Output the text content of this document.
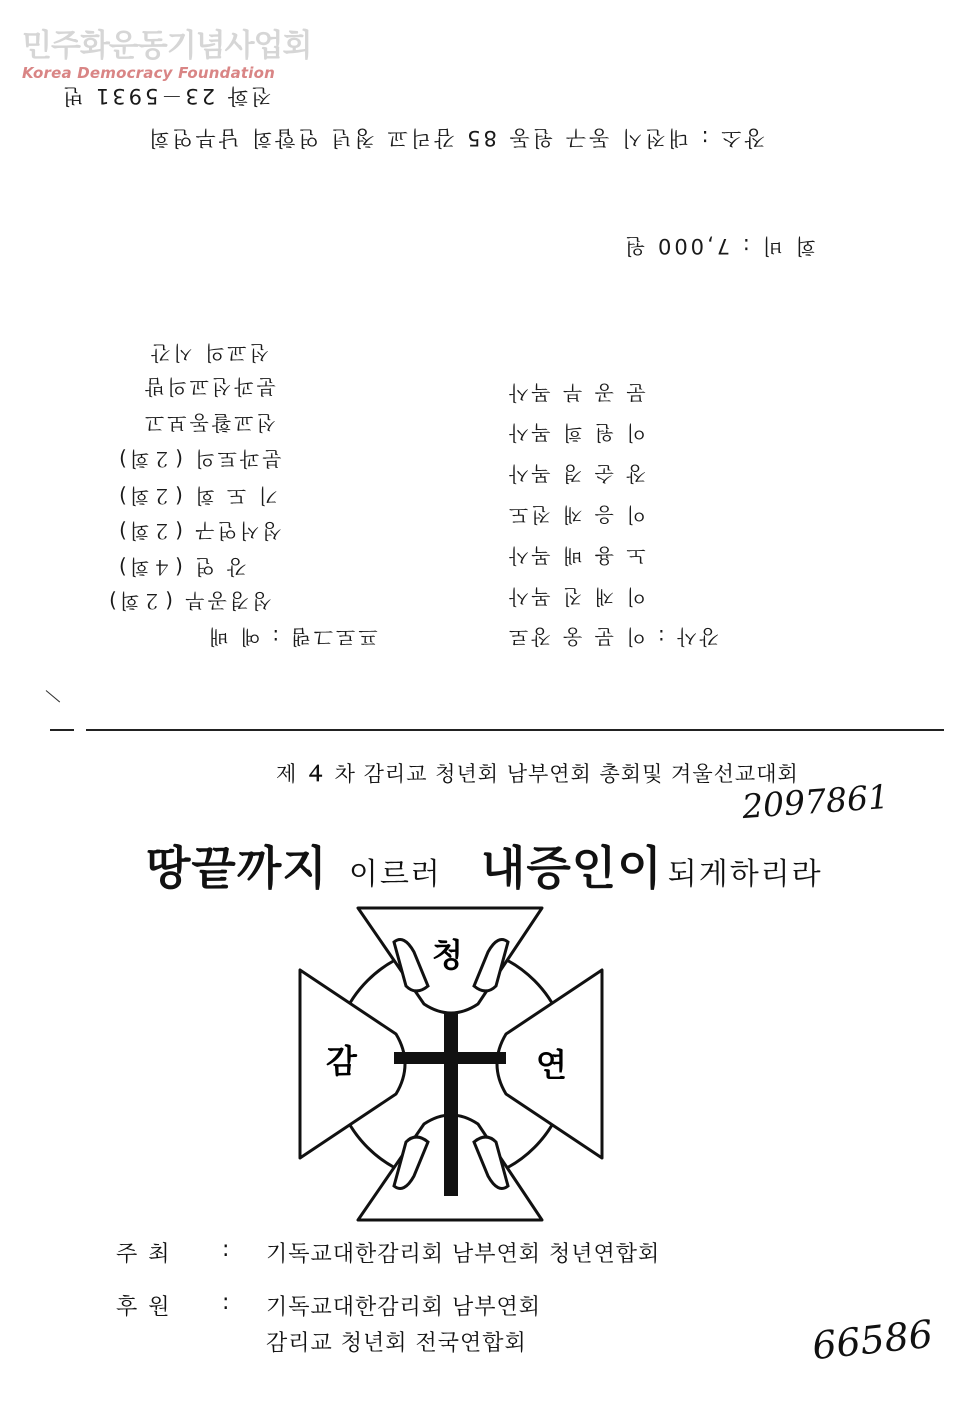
민주화운동기념사업회
Korea Democracy Foundation
전화 23－5931 번
장소 : 대전시 동구 원동 85 감리교 청년 연합회 남부연회
회 비 : 7,000 원
선교의 시간
분과선교의밤
선교활동보고
분과토의 (２회)
기 도 회 (２회)
성서연구 (２회)
강 연 (４회)
성경공부 (２회)
프로그램 : 예 배
문 공 부 목사
이 원 희 목사
장 순 경 목사
이 응 재 전도
노 용 배 목사
이 재 진 목사
강사 : 이 문 웅 장로
제 ４ 차 감리교 청년회 남부연회 총회및 겨울선교대회
2097861
땅끝까지 이르러 내증인이 되게하리라
청
감	연
주 최 : 기독교대한감리회 남부연회 청년연합회
후 원 : 기독교대한감리회 남부연회
감리교 청년회 전국연합회	66586
